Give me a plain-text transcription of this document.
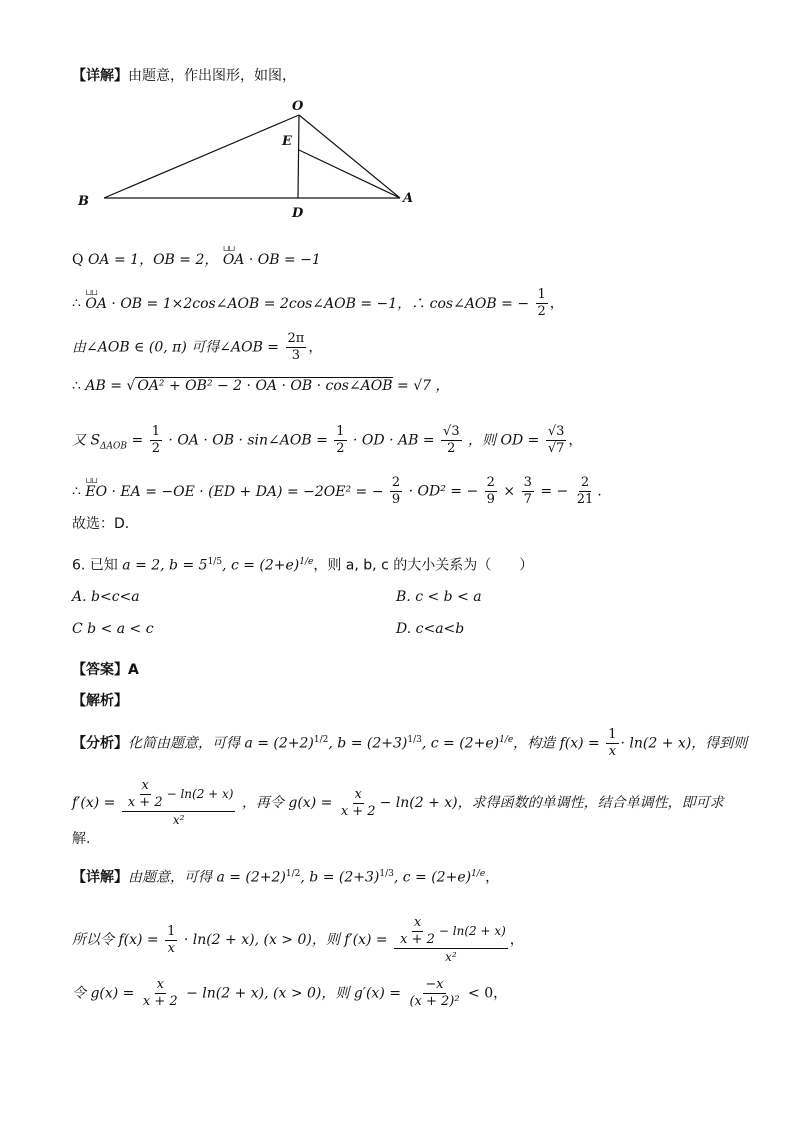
【详解】由题意，作出图形，如图，
O
E
B
D
A
Q OA = 1，OB = 2， ⊔⊔ OA · OB = −1
∴ ⊔⊔ OA · OB = 1×2cos∠AOB = 2cos∠AOB = −1，∴ cos∠AOB = − $\frac{1}{2}$ ，
由∠AOB ∈ (0, π) 可得∠AOB = $\frac{2\pi}{3}$ ，
∴ AB = √ OA² + OB² − 2 · OA · OB · cos∠AOB = √7 ，
又 $S_{\Delta AOB} = \frac{1}{2}$ · OA · OB · sin∠AOB = $\frac{1}{2}$ · OD · AB = $\frac{√3}{2}$ ，则 OD = $\frac{√3}{√7}$ ，
∴ ⊔⊔ EO · EA = −OE · (ED + DA) = −2OE² = − $\frac{2}{9} \cdot OD^2$ = − $\frac{2}{9} \times \frac{3}{7}$ = − $\frac{2}{21}$ .
故选：D.
6. 已知 a = 2, $b = 5^{1/5}$, $c = (2+e)^{1/e}$，则 a, b, c 的大小关系为（　　）
A. b<c<a	B. c < b < a
C b < a < c	D. c<a<b
【答案】A
【解析】
【分析】化简由题意，可得 $a = (2+2)^{1/2}$, $b = (2+3)^{1/3}$, $c = (2+e)^{1/e}$，构造 $f(x) = \frac{1}{x} \cdot \ln(2 + x)$，得到则
$f'(x) = \frac{\frac{x}{x + 2} - \ln(2 + x)}{\text{x²}}$ ，再令 $g(x) = \frac{x}{x + 2} - \ln(2 + x)$，求得函数的单调性，结合单调性，即可求
解.
【详解】由题意，可得 $a = (2+2)^{1/2}$, $b = (2+3)^{1/3}$, $c = (2+e)^{1/e}$，
所以令 $f(x) = \frac{1}{x} \cdot \ln(2 + x)$, (x > 0)，则 $f'(x) = \frac{\frac{x}{x + 2} - \ln(2 + x)}{\text{x²}}$ ，
令 $g(x) = \frac{x}{x + 2} - \ln(2 + x)$, (x > 0)，则 $g'(x) = \frac{-x}{\text{(x + 2)²}} < 0$，
